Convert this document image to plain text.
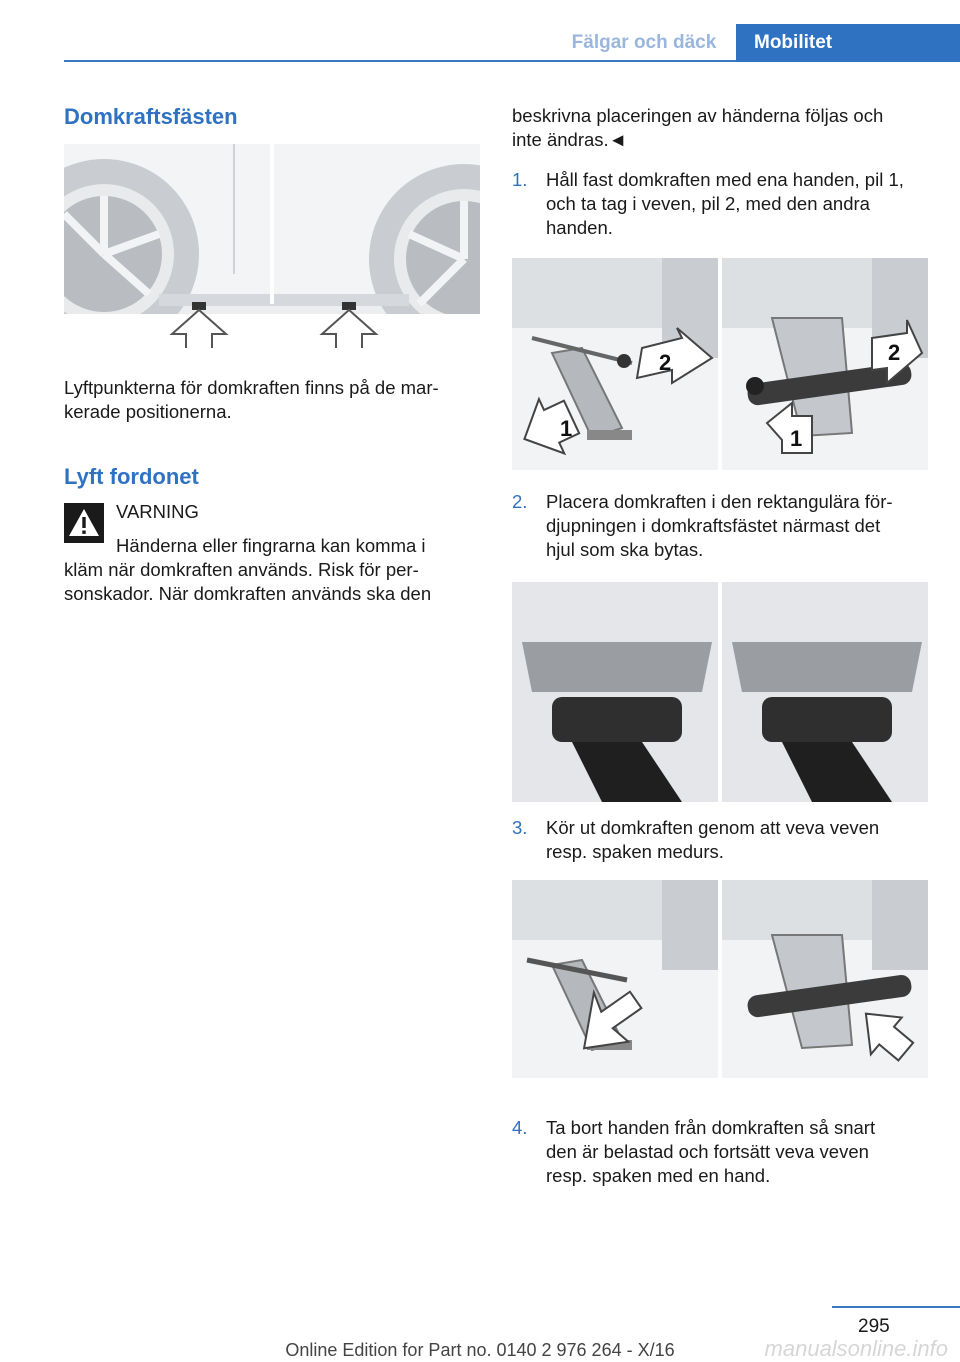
Fälgar och däck	Mobilitet
Domkraftsfästen
Lyftpunkterna för domkraften finns på de mar‐
kerade positionerna.
Lyft fordonet
VARNING
Händerna eller fingrarna kan komma i
kläm när domkraften används. Risk för per‐
sonskador. När domkraften används ska den
beskrivna placeringen av händerna följas och
inte ändras.◄
1. Håll fast domkraften med ena handen, pil 1,
och ta tag i veven, pil 2, med den andra
handen.
1
2	2
1
2. Placera domkraften i den rektangulära för‐
djupningen i domkraftsfästet närmast det
hjul som ska bytas.
3. Kör ut domkraften genom att veva veven
resp. spaken medurs.
4. Ta bort handen från domkraften så snart
den är belastad och fortsätt veva veven
resp. spaken med en hand.
295
Online Edition for Part no. 0140 2 976 264 - X/16	manualsonline.info
